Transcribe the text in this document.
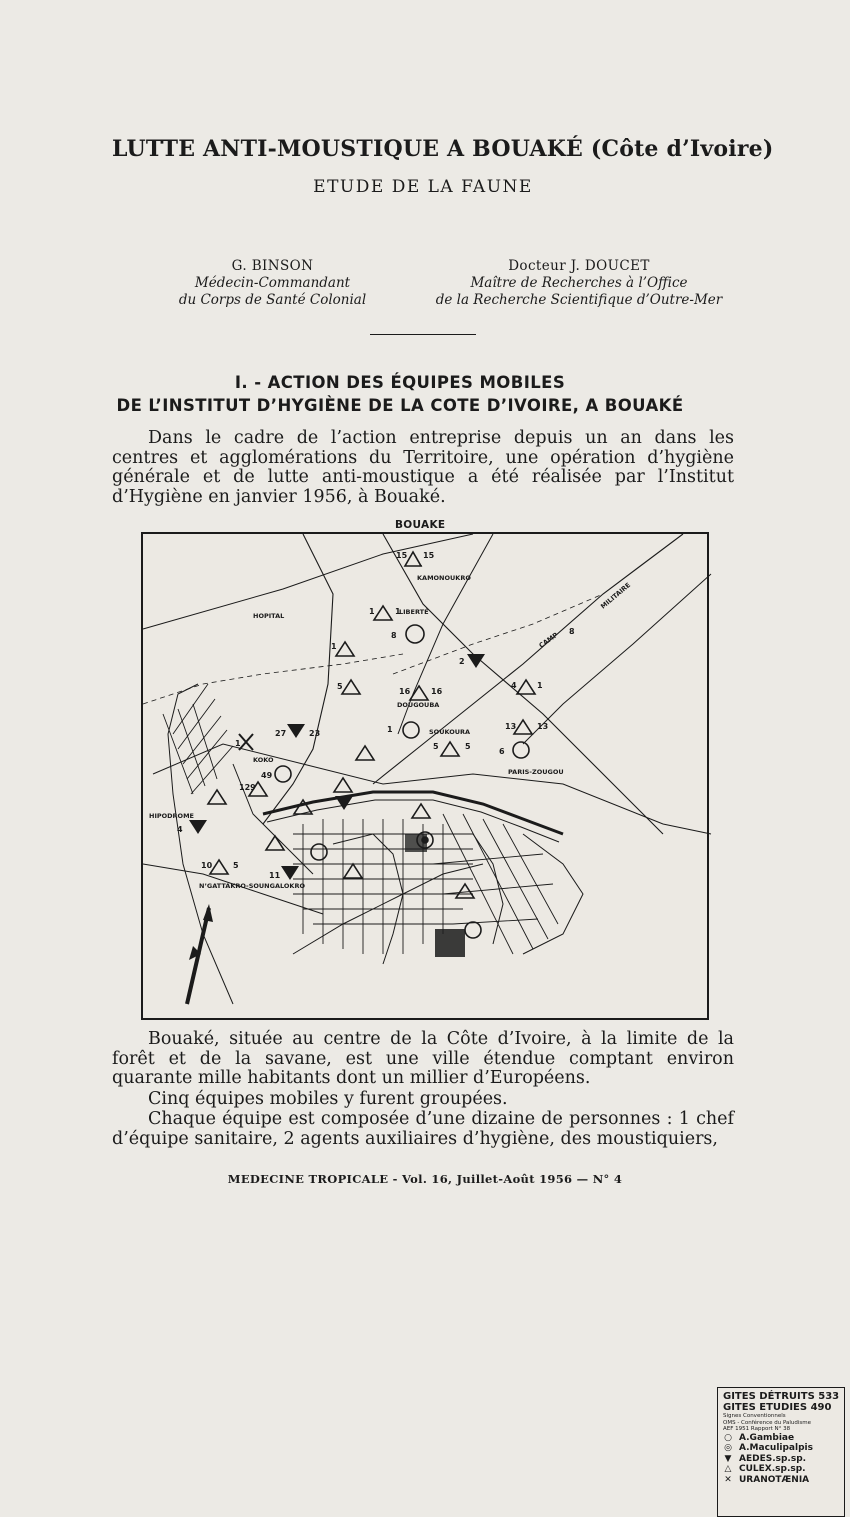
LUTTE ANTI-MOUSTIQUE A BOUAKÉ (Côte d’Ivoire)
ETUDE DE LA FAUNE
G. BINSON
Médecin-Commandant
du Corps de Santé Colonial
Docteur J. DOUCET
Maître de Recherches à l’Office
de la Recherche Scientifique d’Outre-Mer
I. - ACTION DES ÉQUIPES MOBILES
DE L’INSTITUT D’HYGIÈNE DE LA COTE D’IVOIRE, A BOUAKÉ

Dans le cadre de l’action entreprise depuis un an dans les centres et agglomérations du Territoire, une opération d’hygiène générale et de lutte anti-moustique a été réalisée par l’Institut d’Hygiène en janvier 1956, à Bouaké.

BOUAKE
15 15
1	1
8
1
2
8
4	1
16	16
1
5
13	13
5
5
6
27	23
1
49
129
4
11
10	5
KAMONOUKRO
LIBERTÉ
HOPITAL
MILITAIRE
CAMP
DOUGOUBA
SOUKOURA
KOKO
PARIS-ZOUGOU
HIPODROME
N’GATTAKRO-SOUNGALOKRO
GITES DÉTRUITS 533
GITES ETUDIES 490
Signes Conventionnels
OMS - Conférence du Paludisme
AEF 1951 Rapport N° 38
○ A.Gambiae
◎ A.Maculipalpis
▼ AEDES.sp.sp.
△ CULEX.sp.sp.
✕ URANOTÆNIA

Bouaké, située au centre de la Côte d’Ivoire, à la limite de la forêt et de la savane, est une ville étendue comptant environ quarante mille habitants dont un millier d’Européens.

Cinq équipes mobiles y furent groupées.

Chaque équipe est composée d’une dizaine de personnes : 1 chef d’équipe sanitaire, 2 agents auxiliaires d’hygiène, des moustiquiers,

MEDECINE TROPICALE - Vol. 16, Juillet-Août 1956 — N° 4
